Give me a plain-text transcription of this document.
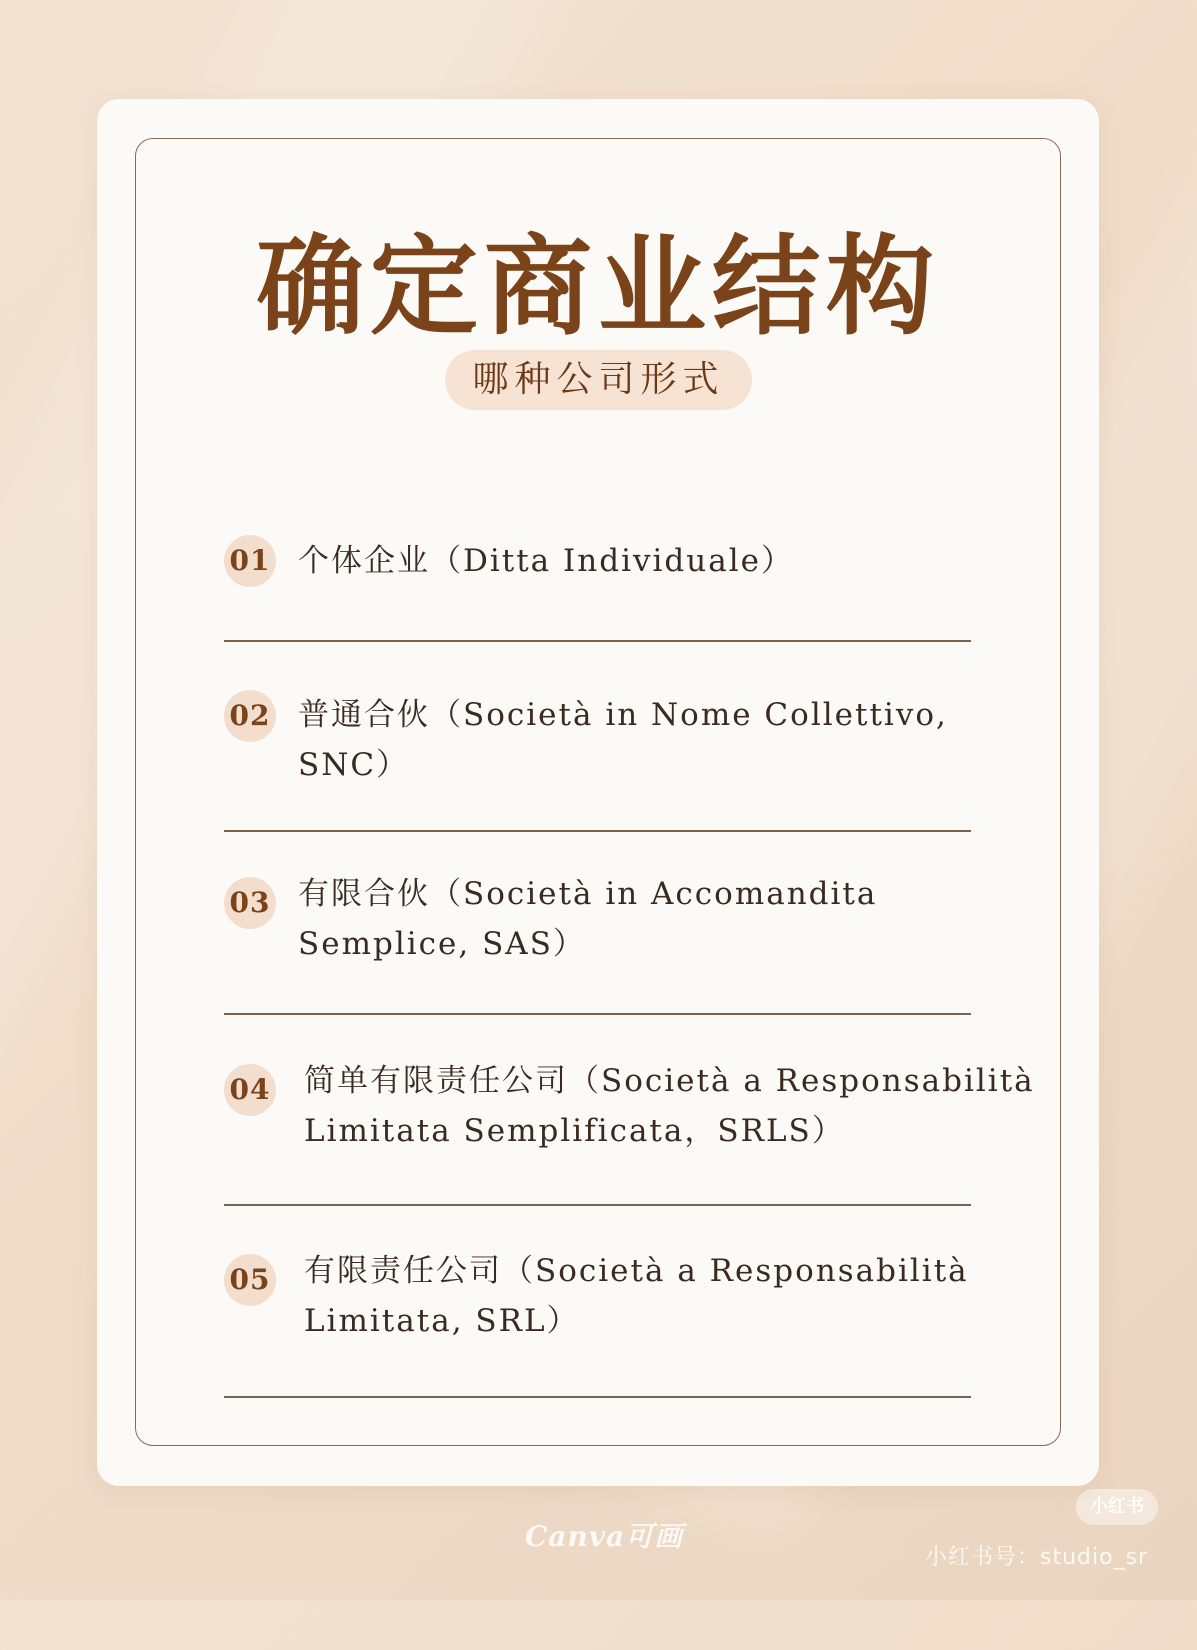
确定商业结构
哪种公司形式
01 个体企业（Ditta Individuale）
02 普通合伙（Società in Nome Collettivo, SNC）
03 有限合伙（Società in Accomandita Semplice, SAS）
04 简单有限责任公司（Società a Responsabilità Limitata Semplificata，SRLS）
05 有限责任公司（Società a Responsabilità Limitata, SRL）
Canva可画
小红书
小红书号：studio_sr
